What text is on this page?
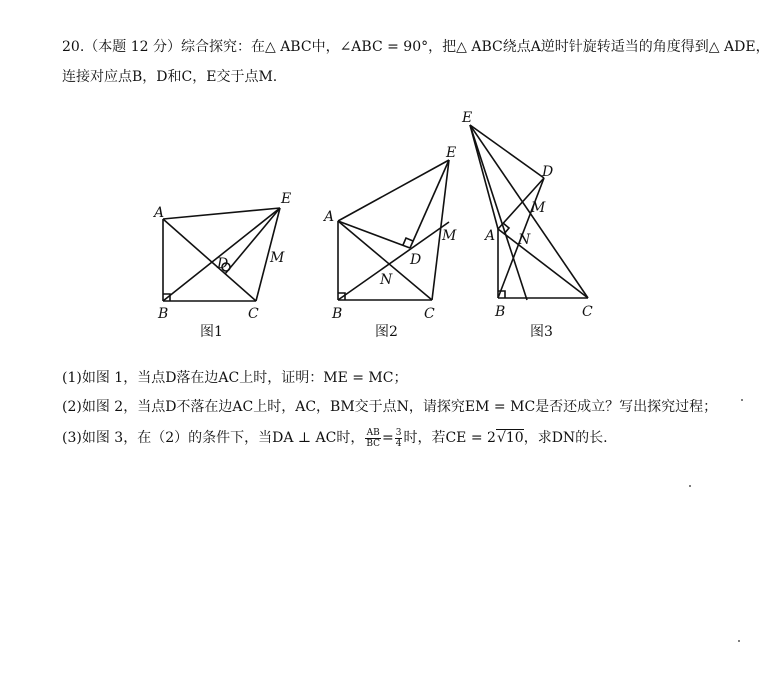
20.（本题 12 分）综合探究：在△ ABC中，∠ABC = 90°，把△ ABC绕点A逆时针旋转适当的角度得到△ ADE，
连接对应点B，D和C，E交于点M.
A
E
D	M
B	C
图1
A
E
D
M
N
B	C
图2
E
D
M
A N
B	C
图3
(1)如图 1，当点D落在边AC上时，证明：ME = MC；
(2)如图 2，当点D不落在边AC上时，AC，BM交于点N，请探究EM = MC是否还成立？写出探究过程；
(3)如图 3，在（2）的条件下，当DA ⊥ AC时， $\frac{AB}{BC} = \frac{3}{4}$ 时，若CE = 2√10，求DN的长.
